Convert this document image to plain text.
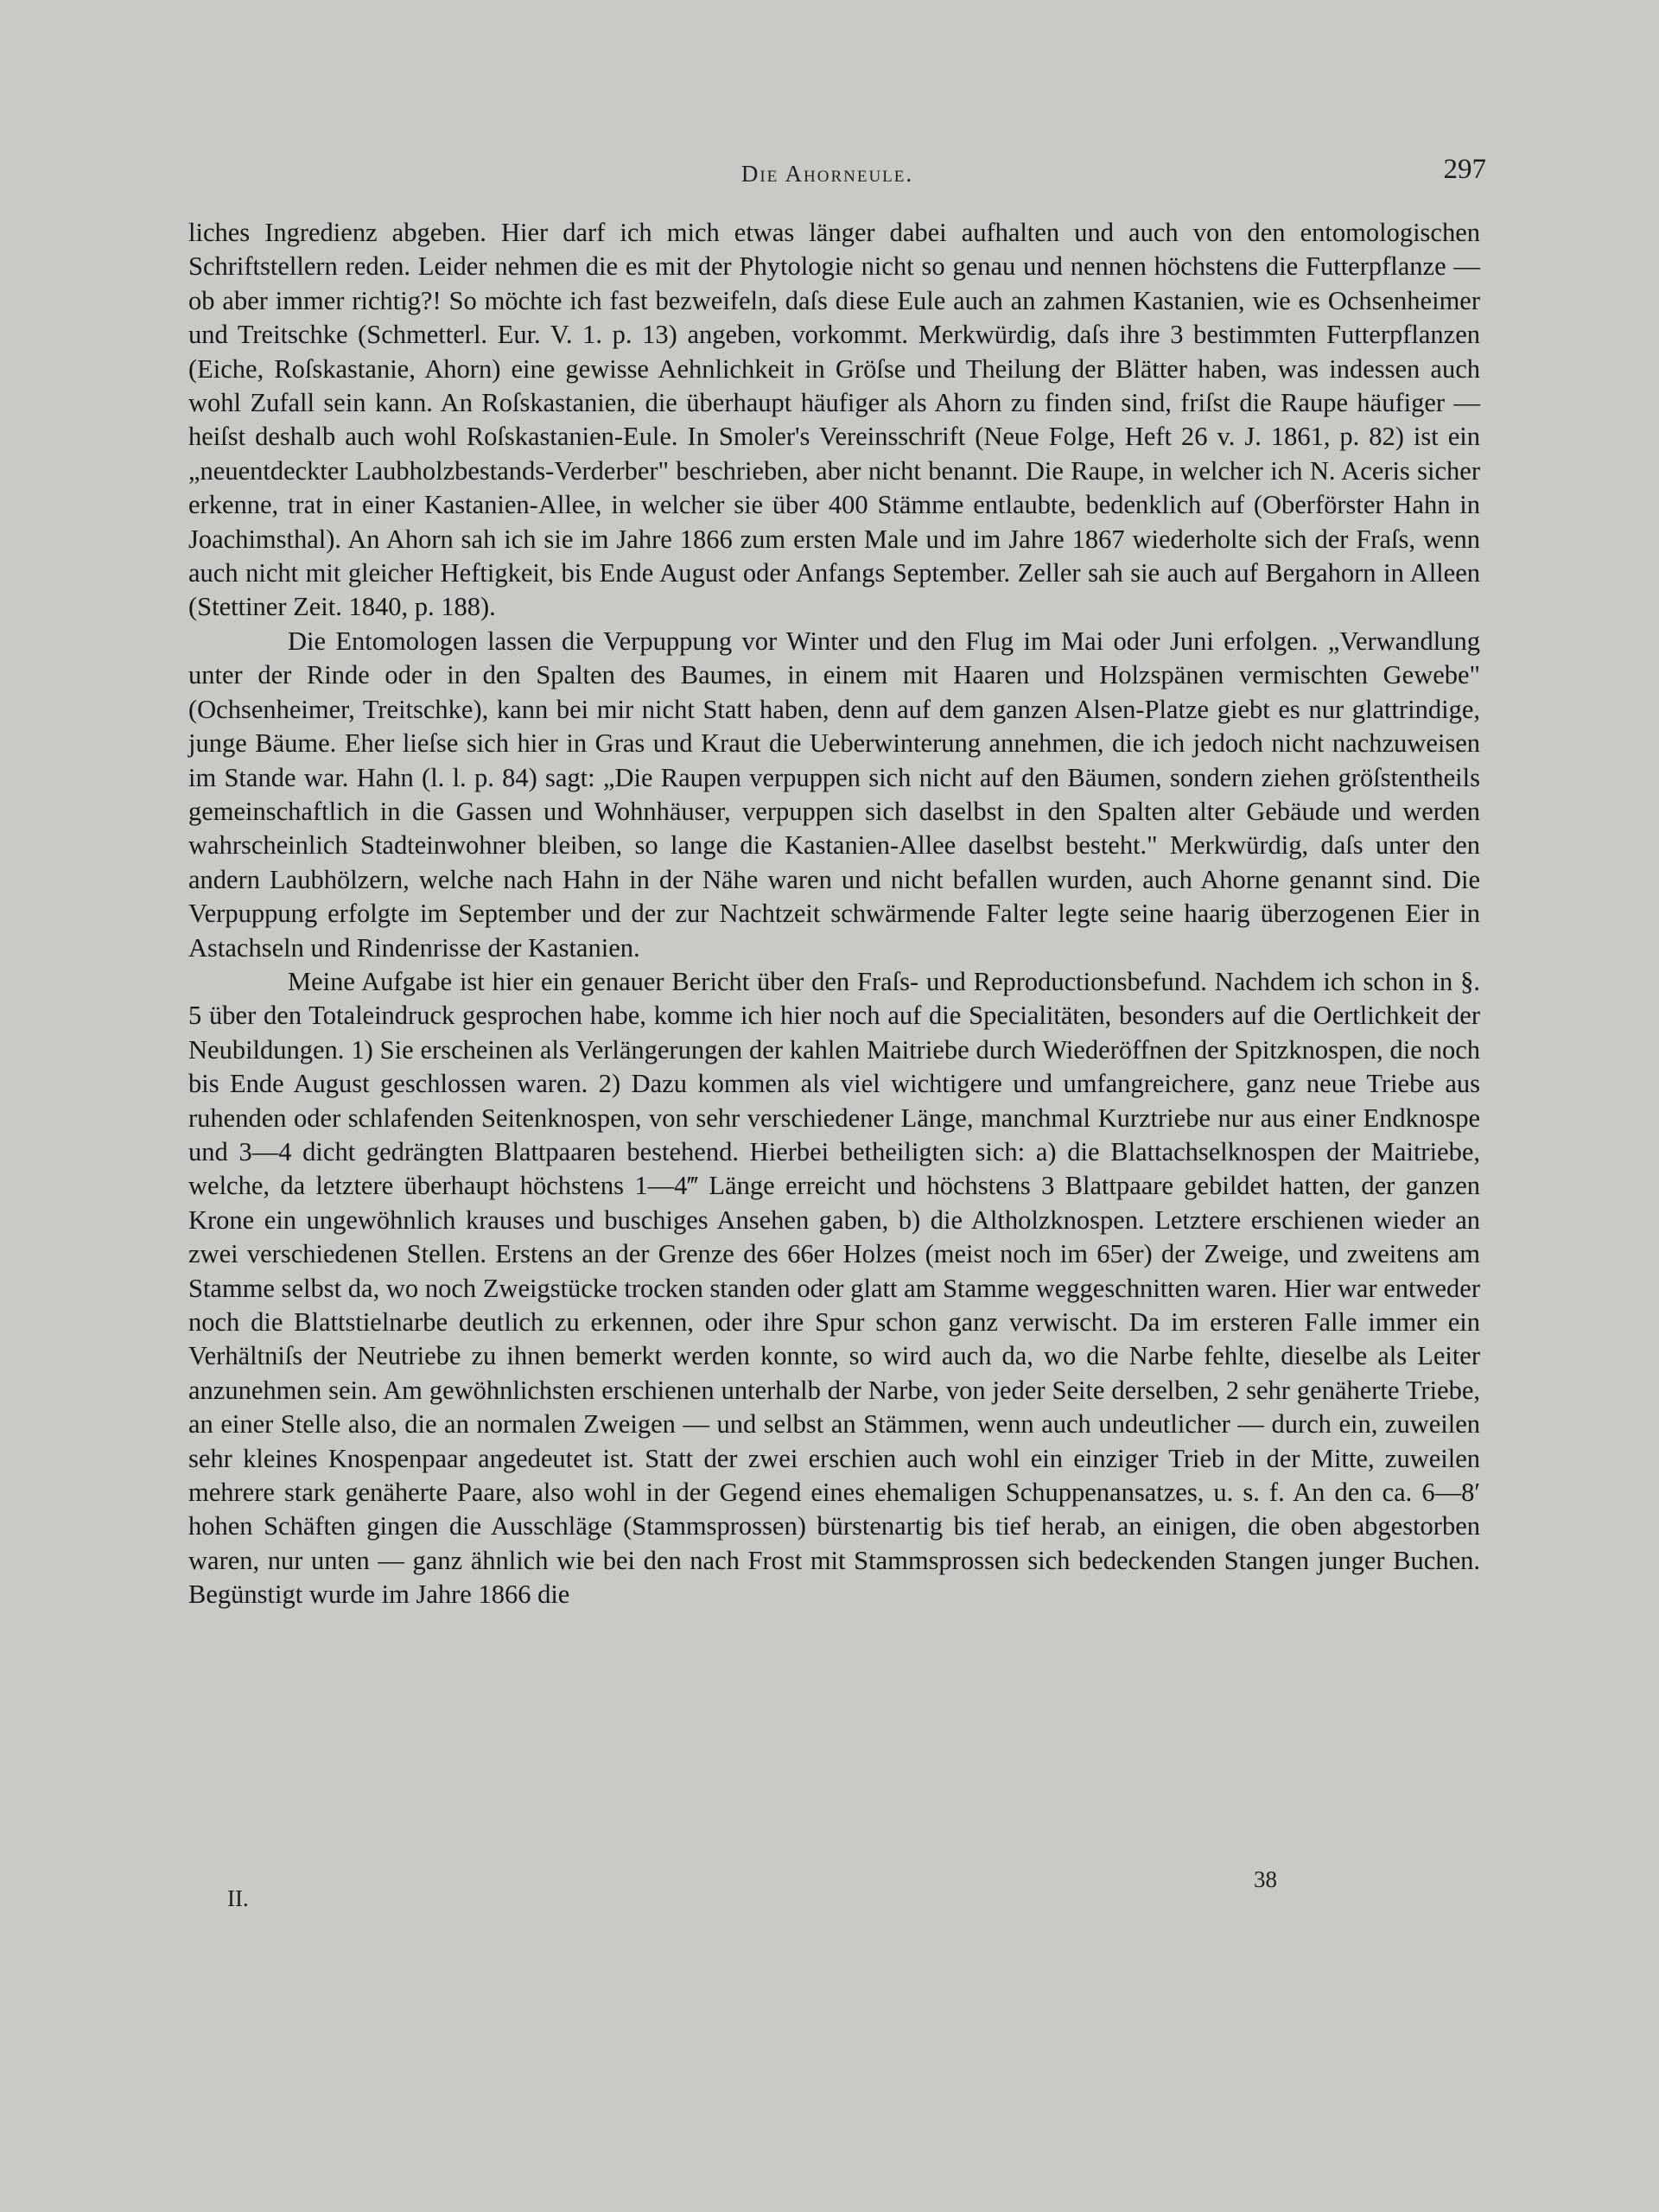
Die Ahorneule.	297

liches Ingredienz abgeben. Hier darf ich mich etwas länger dabei aufhalten und auch von den entomologischen Schriftstellern reden. Leider nehmen die es mit der Phytologie nicht so genau und nennen höchstens die Futterpflanze — ob aber immer richtig?! So möchte ich fast bezweifeln, daſs diese Eule auch an zahmen Kastanien, wie es Ochsenheimer und Treitschke (Schmetterl. Eur. V. 1. p. 13) angeben, vorkommt. Merkwürdig, daſs ihre 3 bestimmten Futterpflanzen (Eiche, Roſskastanie, Ahorn) eine gewisse Aehnlichkeit in Gröſse und Theilung der Blätter haben, was indessen auch wohl Zufall sein kann. An Roſskastanien, die überhaupt häufiger als Ahorn zu finden sind, friſst die Raupe häufiger — heiſst deshalb auch wohl Roſskastanien-Eule. In Smoler's Vereinsschrift (Neue Folge, Heft 26 v. J. 1861, p. 82) ist ein „neuentdeckter Laubholzbestands-Verderber" beschrieben, aber nicht benannt. Die Raupe, in welcher ich N. Aceris sicher erkenne, trat in einer Kastanien-Allee, in welcher sie über 400 Stämme entlaubte, bedenklich auf (Oberförster Hahn in Joachimsthal). An Ahorn sah ich sie im Jahre 1866 zum ersten Male und im Jahre 1867 wiederholte sich der Fraſs, wenn auch nicht mit gleicher Heftigkeit, bis Ende August oder Anfangs September. Zeller sah sie auch auf Bergahorn in Alleen (Stettiner Zeit. 1840, p. 188).

Die Entomologen lassen die Verpuppung vor Winter und den Flug im Mai oder Juni erfolgen. „Verwandlung unter der Rinde oder in den Spalten des Baumes, in einem mit Haaren und Holzspänen vermischten Gewebe" (Ochsenheimer, Treitschke), kann bei mir nicht Statt haben, denn auf dem ganzen Alsen-Platze giebt es nur glattrindige, junge Bäume. Eher lieſse sich hier in Gras und Kraut die Ueberwinterung annehmen, die ich jedoch nicht nachzuweisen im Stande war. Hahn (l. l. p. 84) sagt: „Die Raupen verpuppen sich nicht auf den Bäumen, sondern ziehen gröſstentheils gemeinschaftlich in die Gassen und Wohnhäuser, verpuppen sich daselbst in den Spalten alter Gebäude und werden wahrscheinlich Stadteinwohner bleiben, so lange die Kastanien-Allee daselbst besteht." Merkwürdig, daſs unter den andern Laubhölzern, welche nach Hahn in der Nähe waren und nicht befallen wurden, auch Ahorne genannt sind. Die Verpuppung erfolgte im September und der zur Nachtzeit schwärmende Falter legte seine haarig überzogenen Eier in Astachseln und Rindenrisse der Kastanien.

Meine Aufgabe ist hier ein genauer Bericht über den Fraſs- und Reproductionsbefund. Nachdem ich schon in §. 5 über den Totaleindruck gesprochen habe, komme ich hier noch auf die Specialitäten, besonders auf die Oertlichkeit der Neubildungen. 1) Sie erscheinen als Verlängerungen der kahlen Maitriebe durch Wiederöffnen der Spitzknospen, die noch bis Ende August geschlossen waren. 2) Dazu kommen als viel wichtigere und umfangreichere, ganz neue Triebe aus ruhenden oder schlafenden Seitenknospen, von sehr verschiedener Länge, manchmal Kurztriebe nur aus einer Endknospe und 3—4 dicht gedrängten Blattpaaren bestehend. Hierbei betheiligten sich: a) die Blattachselknospen der Maitriebe, welche, da letztere überhaupt höchstens 1—4‴ Länge erreicht und höchstens 3 Blattpaare gebildet hatten, der ganzen Krone ein ungewöhnlich krauses und buschiges Ansehen gaben, b) die Altholzknospen. Letztere erschienen wieder an zwei verschiedenen Stellen. Erstens an der Grenze des 66er Holzes (meist noch im 65er) der Zweige, und zweitens am Stamme selbst da, wo noch Zweigstücke trocken standen oder glatt am Stamme weggeschnitten waren. Hier war entweder noch die Blattstielnarbe deutlich zu erkennen, oder ihre Spur schon ganz verwischt. Da im ersteren Falle immer ein Verhältniſs der Neutriebe zu ihnen bemerkt werden konnte, so wird auch da, wo die Narbe fehlte, dieselbe als Leiter anzunehmen sein. Am gewöhnlichsten erschienen unterhalb der Narbe, von jeder Seite derselben, 2 sehr genäherte Triebe, an einer Stelle also, die an normalen Zweigen — und selbst an Stämmen, wenn auch undeutlicher — durch ein, zuweilen sehr kleines Knospenpaar angedeutet ist. Statt der zwei erschien auch wohl ein einziger Trieb in der Mitte, zuweilen mehrere stark genäherte Paare, also wohl in der Gegend eines ehemaligen Schuppenansatzes, u. s. f. An den ca. 6—8′ hohen Schäften gingen die Ausschläge (Stammsprossen) bürstenartig bis tief herab, an einigen, die oben abgestorben waren, nur unten — ganz ähnlich wie bei den nach Frost mit Stammsprossen sich bedeckenden Stangen junger Buchen. Begünstigt wurde im Jahre 1866 die

II.
38
